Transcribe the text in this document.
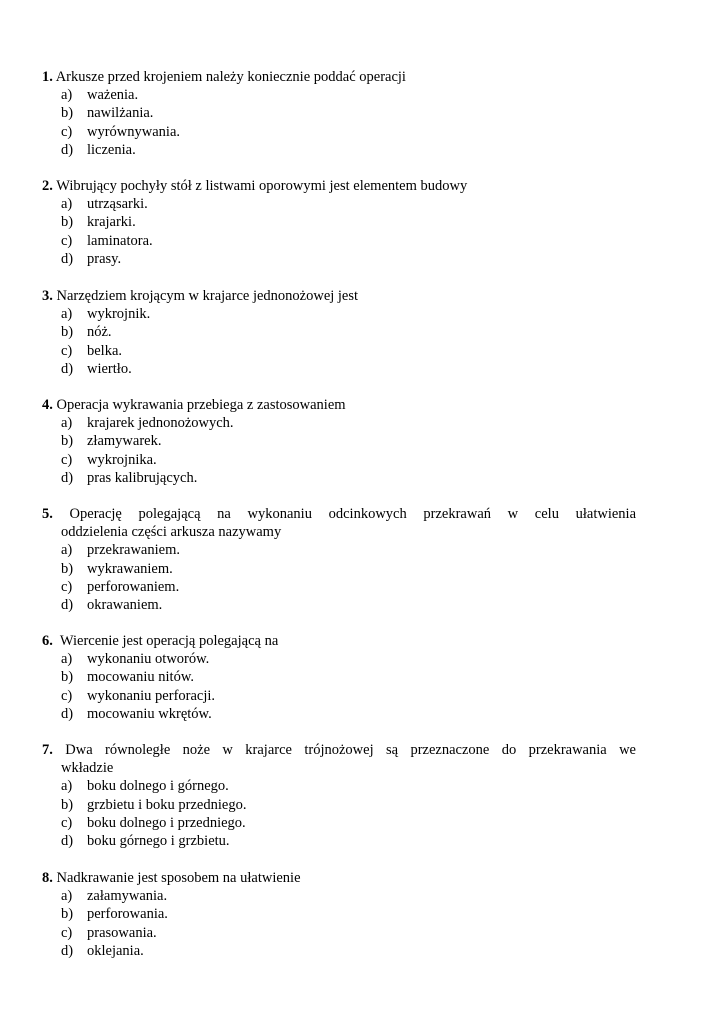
1. Arkusze przed krojeniem należy koniecznie poddać operacji
a)	ważenia.
b) nawilżania.
c)	wyrównywania.
d) liczenia.
2. Wibrujący pochyły stół z listwami oporowymi jest elementem budowy
a)	utrząsarki.
b) krajarki.
c)	laminatora.
d) prasy.
3. Narzędziem krojącym w krajarce jednonożowej jest
a)	wykrojnik.
b) nóż.
c)	belka.
d) wiertło.
4. Operacja wykrawania przebiega z zastosowaniem
a)	krajarek jednonożowych.
b) złamywarek.
c)	wykrojnika.
d) pras kalibrujących.
5. Operację polegającą na wykonaniu odcinkowych przekrawań w celu ułatwienia
oddzielenia części arkusza nazywamy
a)	przekrawaniem.
b) wykrawaniem.
c)	perforowaniem.
d) okrawaniem.
6. Wiercenie jest operacją polegającą na
a)	wykonaniu otworów.
b) mocowaniu nitów.
c)	wykonaniu perforacji.
d) mocowaniu wkrętów.
7. Dwa równoległe noże w krajarce trójnożowej są przeznaczone do przekrawania we
wkładzie
a)	boku dolnego i górnego.
b) grzbietu i boku przedniego.
c)	boku dolnego i przedniego.
d) boku górnego i grzbietu.
8. Nadkrawanie jest sposobem na ułatwienie
a)	załamywania.
b) perforowania.
c)	prasowania.
d) oklejania.
